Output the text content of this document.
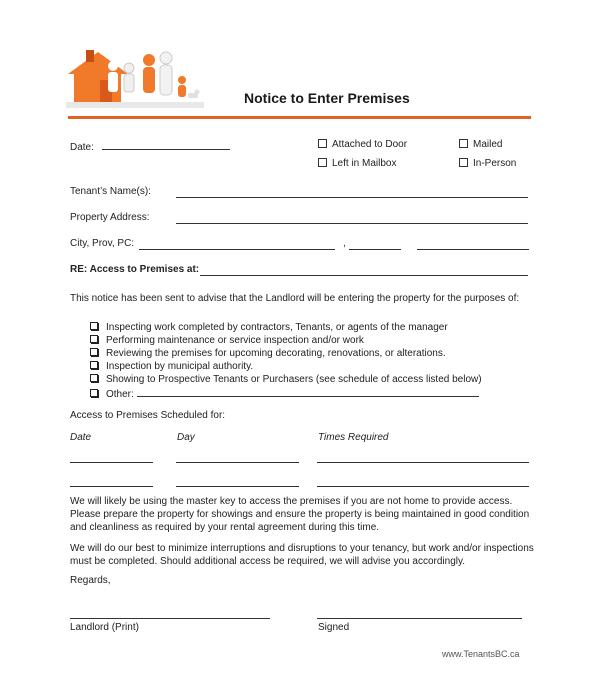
Notice to Enter Premises
Date:	Attached to Door	Mailed
Left in Mailbox	In-Person
Tenant’s Name(s):
Property Address:
City, Prov, PC:	,
RE: Access to Premises at:
This notice has been sent to advise that the Landlord will be entering the property for the purposes of:
Inspecting work completed by contractors, Tenants, or agents of the manager
Performing maintenance or service inspection and/or work
Reviewing the premises for upcoming decorating, renovations, or alterations.
Inspection by municipal authority.
Showing to Prospective Tenants or Purchasers (see schedule of access listed below)
Other:
Access to Premises Scheduled for:
Date	Day	Times Required
We will likely be using the master key to access the premises if you are not home to provide access. Please prepare the property for showings and ensure the property is being maintained in good condition and cleanliness as required by your rental agreement during this time.
We will do our best to minimize interruptions and disruptions to your tenancy, but work and/or inspections must be completed. Should additional access be required, we will advise you accordingly.
Regards,
Landlord (Print)	Signed
www.TenantsBC.ca
